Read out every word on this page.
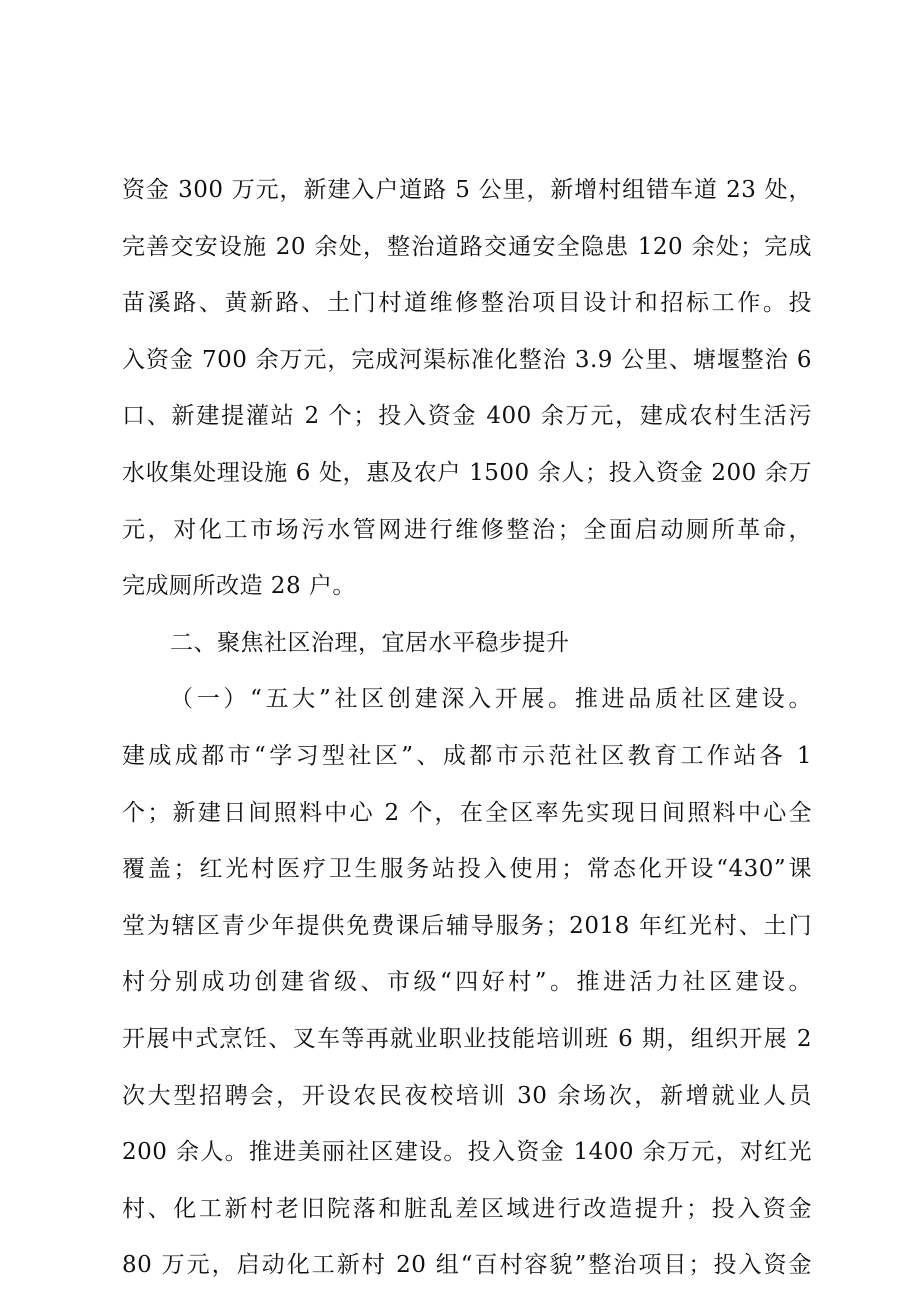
资金 300 万元，新建入户道路 5 公里，新增村组错车道 23 处，
完善交安设施 20 余处，整治道路交通安全隐患 120 余处；完成
苗溪路、黄新路、土门村道维修整治项目设计和招标工作。投
入资金 700 余万元，完成河渠标准化整治 3.9 公里、塘堰整治 6
口、新建提灌站 2 个；投入资金 400 余万元，建成农村生活污
水收集处理设施 6 处，惠及农户 1500 余人；投入资金 200 余万
元，对化工市场污水管网进行维修整治；全面启动厕所革命，
完成厕所改造 28 户。
二、聚焦社区治理，宜居水平稳步提升
（一）“五大”社区创建深入开展。推进品质社区建设。
建成成都市“学习型社区”、成都市示范社区教育工作站各 1
个；新建日间照料中心 2 个，在全区率先实现日间照料中心全
覆盖；红光村医疗卫生服务站投入使用；常态化开设“430”课
堂为辖区青少年提供免费课后辅导服务；2018 年红光村、土门
村分别成功创建省级、市级“四好村”。推进活力社区建设。
开展中式烹饪、叉车等再就业职业技能培训班 6 期，组织开展 2
次大型招聘会，开设农民夜校培训 30 余场次，新增就业人员
200 余人。推进美丽社区建设。投入资金 1400 余万元，对红光
村、化工新村老旧院落和脏乱差区域进行改造提升；投入资金
80 万元，启动化工新村 20 组“百村容貌”整治项目；投入资金
